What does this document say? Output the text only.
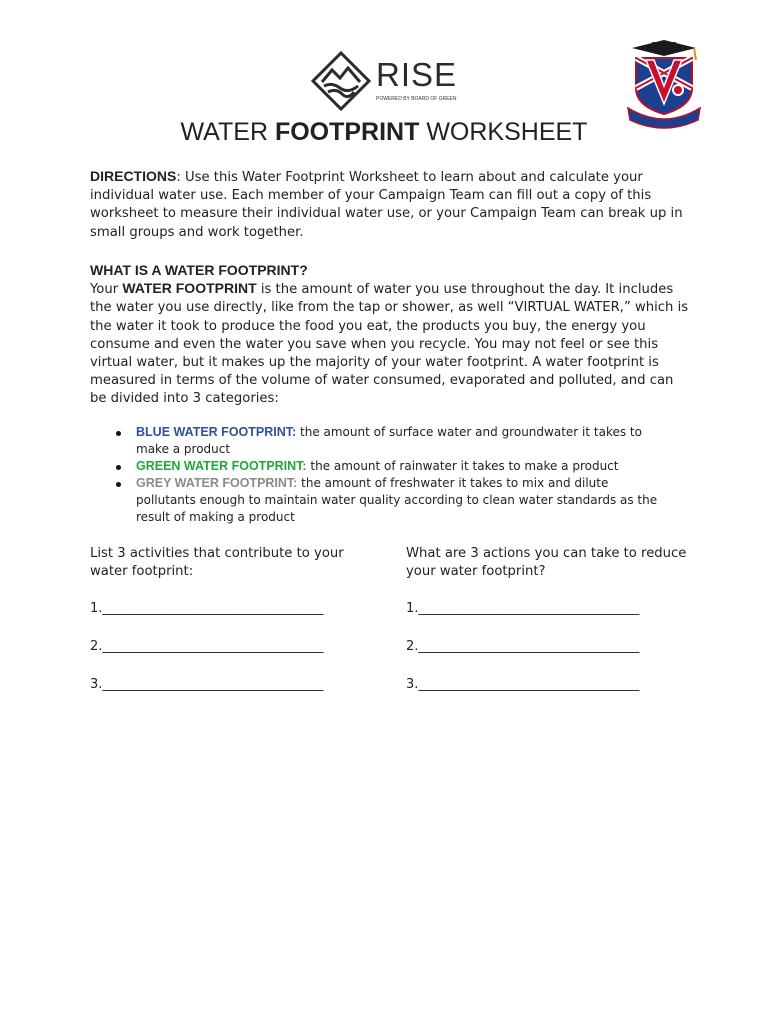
RISE
POWERED BY BOARD OF GREEN
WATER FOOTPRINT WORKSHEET
DIRECTIONS: Use this Water Footprint Worksheet to learn about and calculate your individual water use. Each member of your Campaign Team can fill out a copy of this worksheet to measure their individual water use, or your Campaign Team can break up in small groups and work together.
WHAT IS A WATER FOOTPRINT?
Your WATER FOOTPRINT is the amount of water you use throughout the day. It includes the water you use directly, like from the tap or shower, as well “VIRTUAL WATER,” which is the water it took to produce the food you eat, the products you buy, the energy you consume and even the water you save when you recycle. You may not feel or see this virtual water, but it makes up the majority of your water footprint. A water footprint is measured in terms of the volume of water consumed, evaporated and polluted, and can be divided into 3 categories:
BLUE WATER FOOTPRINT: the amount of surface water and groundwater it takes to make a product
GREEN WATER FOOTPRINT: the amount of rainwater it takes to make a product
GREY WATER FOOTPRINT: the amount of freshwater it takes to mix and dilute pollutants enough to maintain water quality according to clean water standards as the result of making a product
List 3 activities that contribute to your water footprint:
1.__________________________________
2.__________________________________
3.__________________________________
What are 3 actions you can take to reduce your water footprint?
1.__________________________________
2.__________________________________
3.__________________________________
